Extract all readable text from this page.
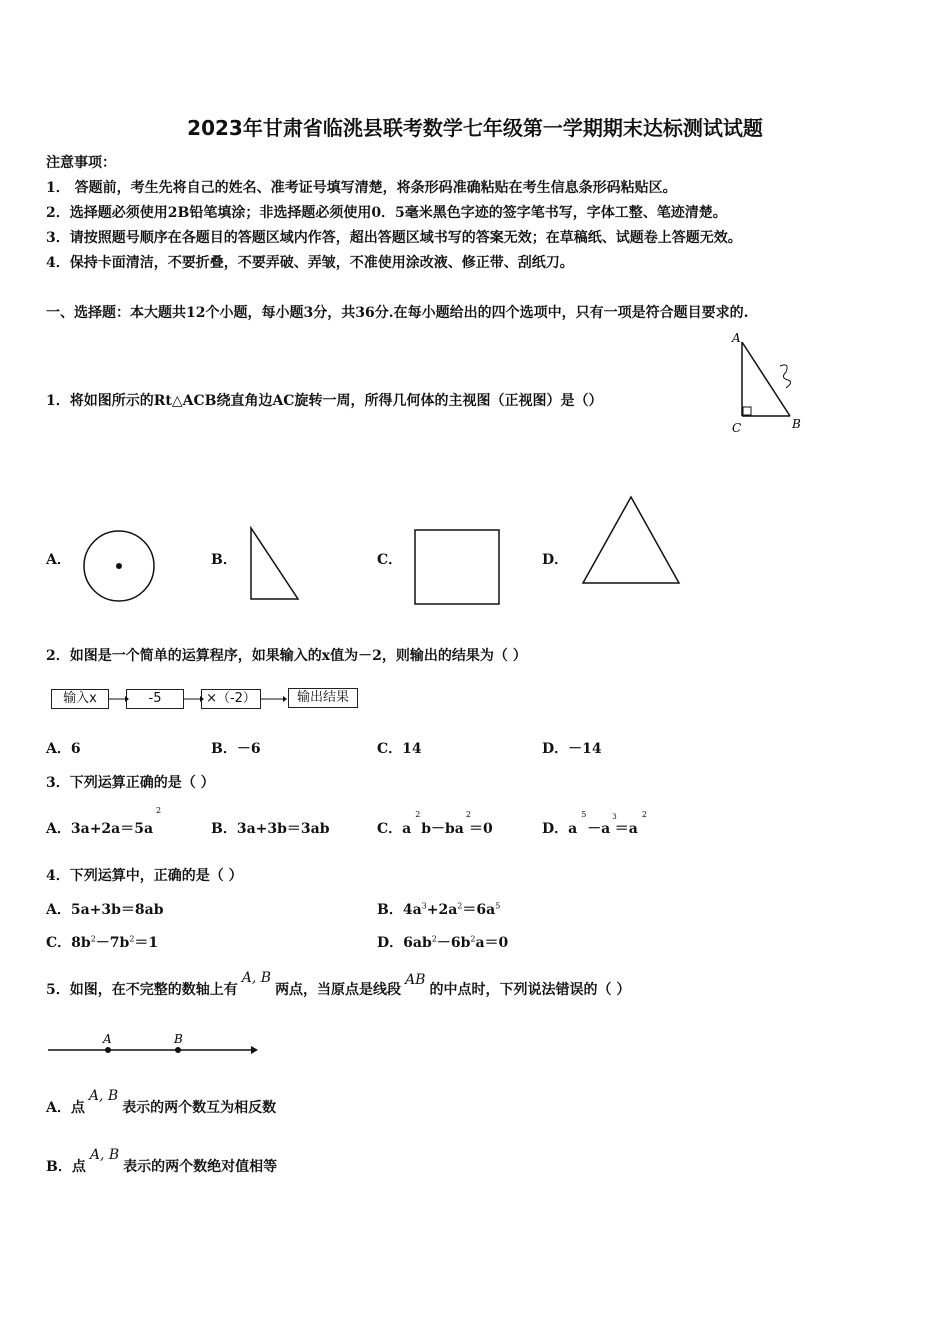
2023年甘肃省临洮县联考数学七年级第一学期期末达标测试试题
注意事项：
1． 答题前，考生先将自己的姓名、准考证号填写清楚，将条形码准确粘贴在考生信息条形码粘贴区。
2．选择题必须使用2B铅笔填涂；非选择题必须使用0．5毫米黑色字迹的签字笔书写，字体工整、笔迹清楚。
3．请按照题号顺序在各题目的答题区域内作答，超出答题区域书写的答案无效；在草稿纸、试题卷上答题无效。
4．保持卡面清洁，不要折叠，不要弄破、弄皱，不准使用涂改液、修正带、刮纸刀。
一、选择题：本大题共12个小题，每小题3分，共36分.在每小题给出的四个选项中，只有一项是符合题目要求的.
1．将如图所示的Rt△ACB绕直角边AC旋转一周，所得几何体的主视图（正视图）是（）
A
C	B
A．	B．	C．	D．
2．如图是一个简单的运算程序，如果输入的x值为－2，则输出的结果为（ ）
输入x	-5	×（-2）	输出结果
A．6	B．－6	C．14	D．－14
3．下列运算正确的是（ ）
A．3a+2a＝5a
2
B．3a+3b＝3ab	C．$a^2$ $b-ba^2=0$	D．$a^5 -a^3=a^2$
4．下列运算中，正确的是（ ）
A．5a+3b＝8ab	B．$4a^3+2a^2=6a^5$
C．$8b^2-7b^2=1$	D．$6ab^2-6b^2a=0$
5．如图，在不完整的数轴上有A, B两点，当原点是线段AB的中点时，下列说法错误的（ ）
A	B
A．点A, B表示的两个数互为相反数
B．点A, B表示的两个数绝对值相等
